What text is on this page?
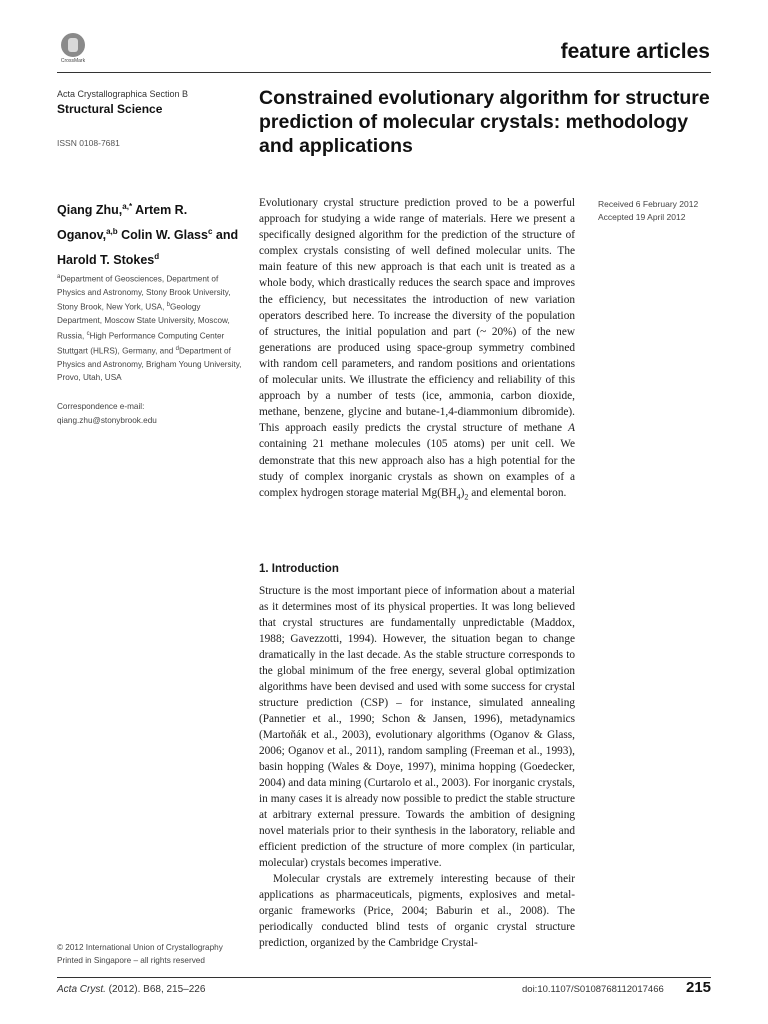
CrossMark	feature articles
Acta Crystallographica Section B
Structural Science
ISSN 0108-7681
Constrained evolutionary algorithm for structure prediction of molecular crystals: methodology and applications
Qiang Zhu,$^{a,*}$ Artem R. Oganov,$^{a,b}$ Colin W. Glass$^c$ and Harold T. Stokes$^d$
$^a$Department of Geosciences, Department of Physics and Astronomy, Stony Brook University, Stony Brook, New York, USA, $^b$Geology Department, Moscow State University, Moscow, Russia, $^c$High Performance Computing Center Stuttgart (HLRS), Germany, and $^d$Department of Physics and Astronomy, Brigham Young University, Provo, Utah, USA
Correspondence e-mail:
qiang.zhu@stonybrook.edu
Received 6 February 2012
Accepted 19 April 2012
Evolutionary crystal structure prediction proved to be a powerful approach for studying a wide range of materials. Here we present a specifically designed algorithm for the prediction of the structure of complex crystals consisting of well defined molecular units. The main feature of this new approach is that each unit is treated as a whole body, which drastically reduces the search space and improves the efficiency, but necessitates the introduction of new variation operators described here. To increase the diversity of the population of structures, the initial population and part (~ 20%) of the new generations are produced using space-group symmetry combined with random cell parameters, and random positions and orientations of molecular units. We illustrate the efficiency and reliability of this approach by a number of tests (ice, ammonia, carbon dioxide, methane, benzene, glycine and butane-1,4-diammonium dibromide). This approach easily predicts the crystal structure of methane A containing 21 methane molecules (105 atoms) per unit cell. We demonstrate that this new approach also has a high potential for the study of complex inorganic crystals as shown on examples of a complex hydrogen storage material $Mg(BH_4)_2$ and elemental boron.
1. Introduction

Structure is the most important piece of information about a material as it determines most of its physical properties. It was long believed that crystal structures are fundamentally unpredictable (Maddox, 1988; Gavezzotti, 1994). However, the situation began to change dramatically in the last decade. As the stable structure corresponds to the global minimum of the free energy, several global optimization algorithms have been devised and used with some success for crystal structure prediction (CSP) – for instance, simulated annealing (Pannetier et al., 1990; Schon & Jansen, 1996), metadynamics (Martoňák et al., 2003), evolutionary algorithms (Oganov & Glass, 2006; Oganov et al., 2011), random sampling (Freeman et al., 1993), basin hopping (Wales & Doye, 1997), minima hopping (Goedecker, 2004) and data mining (Curtarolo et al., 2003). For inorganic crystals, in many cases it is already now possible to predict the stable structure at arbitrary external pressure. Towards the ambition of designing novel materials prior to their synthesis in the laboratory, reliable and efficient prediction of the structure of more complex (in particular, molecular) crystals becomes imperative.

Molecular crystals are extremely interesting because of their applications as pharmaceuticals, pigments, explosives and metal-organic frameworks (Price, 2004; Baburin et al., 2008). The periodically conducted blind tests of organic crystal structure prediction, organized by the Cambridge Crystal-

© 2012 International Union of Crystallography
Printed in Singapore – all rights reserved
Acta Cryst. (2012). B68, 215–226	doi:10.1107/S0108768112017466 215
